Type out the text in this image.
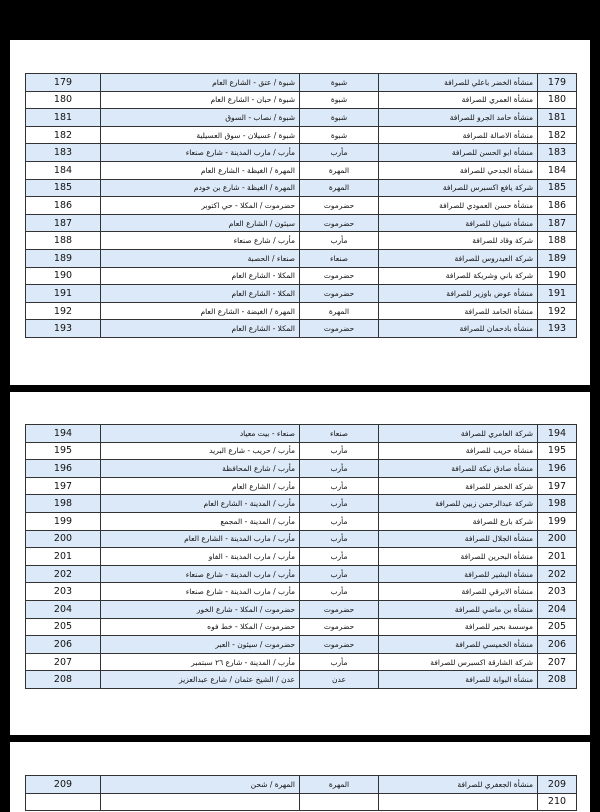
179	منشأة الخضر باعلي للصرافة	شبوة	شبوة / عتق - الشارع العام	179
180	منشأة العمري للصرافة	شبوة	شبوة / حبان - الشارع العام	180
181	منشأة حامد الجرو للصرافة	شبوة	شبوة / نصاب - السوق	181
182	منشأة الاصالة للصرافة	شبوة	شبوة / عسيلان - سوق العسيلية	182
183	منشأة ابو الحسن للصرافة	مأرب	مأرب / مارب المدينة - شارع صنعاء	183
184	منشأة الجدحي للصرافة	المهرة	المهرة / الغيظة - الشارع العام	184
185	شركة يافع اكسبرس للصرافة	المهرة	المهرة / الغيظة - شارع بن خودم	185
186	منشأة حسن العمودي للصرافة	حضرموت	حضرموت / المكلا - حي اكتوبر	186
187	منشأة شبيان للصرافة	حضرموت	سيئون / الشارع العام	187
188	شركة وقاد للصرافة	مأرب	مأرب / شارع صنعاء	188
189	شركة العيدروس للصرافة	صنعاء	صنعاء / الحصبة	189
190	شركة باني وشريكة للصرافة	حضرموت	المكلا - الشارع العام	190
191	منشأة عوض باوزير للصرافة	حضرموت	المكلا - الشارع العام	191
192	منشأة الحامد للصرافة	المهرة	المهرة / الغيضة - الشارع العام	192
193	منشأة بادحمان للصرافة	حضرموت	المكلا - الشارع العام	193
194	شركة العامري للصرافة	صنعاء	صنعاء - بيت معياد	194
195	منشأة حريب للصرافة	مأرب	مأرب / حريب - شارع البريد	195
196	منشأة صادق نبكة للصرافة	مأرب	مأرب / شارع المحافظة	196
197	شركة الخضر للصرافة	مأرب	مأرب / الشارع العام	197
198	شركة عبدالرحمن زبين للصرافة	مأرب	مأرب / المدينة - الشارع العام	198
199	شركة بارع للصرافة	مأرب	مأرب / المدينة - المجمع	199
200	منشأة الجلال للصرافة	مأرب	مأرب / مارب المدينة - الشارع العام	200
201	منشأة البحرين للصرافة	مأرب	مأرب / مارب المدينة - الفاو	201
202	منشأة البشير للصرافة	مأرب	مأرب / مارب المدينة - شارع صنعاء	202
203	منشأة الابرقي للصرافة	مأرب	مأرب / مارب المدينة - شارع صنعاء	203
204	منشأة بن ماضي للصرافة	حضرموت	حضرموت / المكلا - شارع الخور	204
205	موسسة بحير للصرافة	حضرموت	حضرموت / المكلا - خط فوه	205
206	منشأة الخميسي للصرافة	حضرموت	حضرموت / سيئون - العبر	206
207	شركة الشارقة اكسبرس للصرافة	مأرب	مأرب / المدينة - شارع ٢٦ سبتمبر	207
208	منشأة البوابة للصرافة	عدن	عدن / الشيخ عثمان / شارع عبدالعزيز	208
209	منشأة الجعفري للصرافة	المهرة	المهرة / شحن	209
210				
